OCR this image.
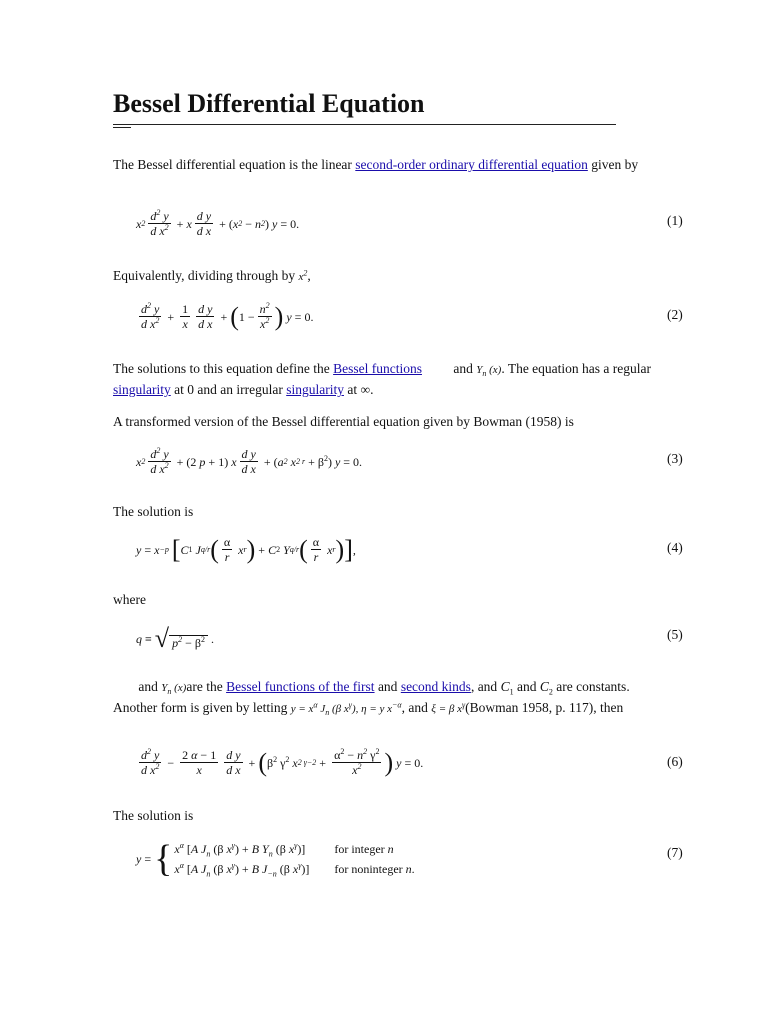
Bessel Differential Equation

The Bessel differential equation is the linear second-order ordinary differential equation given by

x $2 \frac{d^2 y}{d x^2} + x \frac{\text{d y}}{\text{d x}}$ + ( x 2 − n 2 ) y = 0.	(1)

Equivalently, dividing through by $x^2$,

$\frac{d^2 y}{d x^2} + \frac{1}{x} \frac{\text{d y}}{\text{d x}}$ + ( $1 - \frac{n^2}{x^2}$ ) y = 0.	(2)

The solutions to this equation define the Bessel functions and $Y_n$ (x). The equation has a regular singularity at 0 and an irregular singularity at ∞.

A transformed version of the Bessel differential equation given by Bowman (1958) is

x $2 \frac{d^2 y}{d x^2} + (2$ p + 1) x $\frac{\text{d y}}{\text{d x}}$ + ( a 2 x 2 $r + \beta^2$) y = 0.	(3)

The solution is

y = x −p
[ C 1 J q/r ( $\frac{\alpha}{r}$ x r ) + C 2 Y q/r ( $\frac{\alpha}{r}$ x r ) ] ,	(4)

where

q ≡ √ $p^2 - \beta^2$ .	(5)

and $Y_n$ (x)are the Bessel functions of the first and second kinds, and $C_1$ and $C_2$ are constants. Another form is given by letting $y = x^\alpha$ $J_n$ (β $x^\gamma$), η = y $x^{-\alpha}$, and ξ = β $x^\gamma(Bowman$ 1958, p. 117), then

$\frac{d^2 y}{d x^2} - \frac{2 \alpha - 1}{x} \frac{\text{d y}}{\text{d x}}$ + ( $\beta^2$ $\gamma^2$ x 2 $\gamma-2 + \frac{\alpha^2 - n^2 \gamma^2}{x^2}$ ) y = 0.	(6)

The solution is

y = { $x^\alpha$ [A $J_n$ (β $x^\gamma) + B$ $Y_n$ (β $x^\gamma$)]	for integer n
$x^\alpha$ [A $J_n$ (β $x^\gamma) + B$ $J_{-n}$ (β $x^\gamma$)]	for noninteger n.
(7)
